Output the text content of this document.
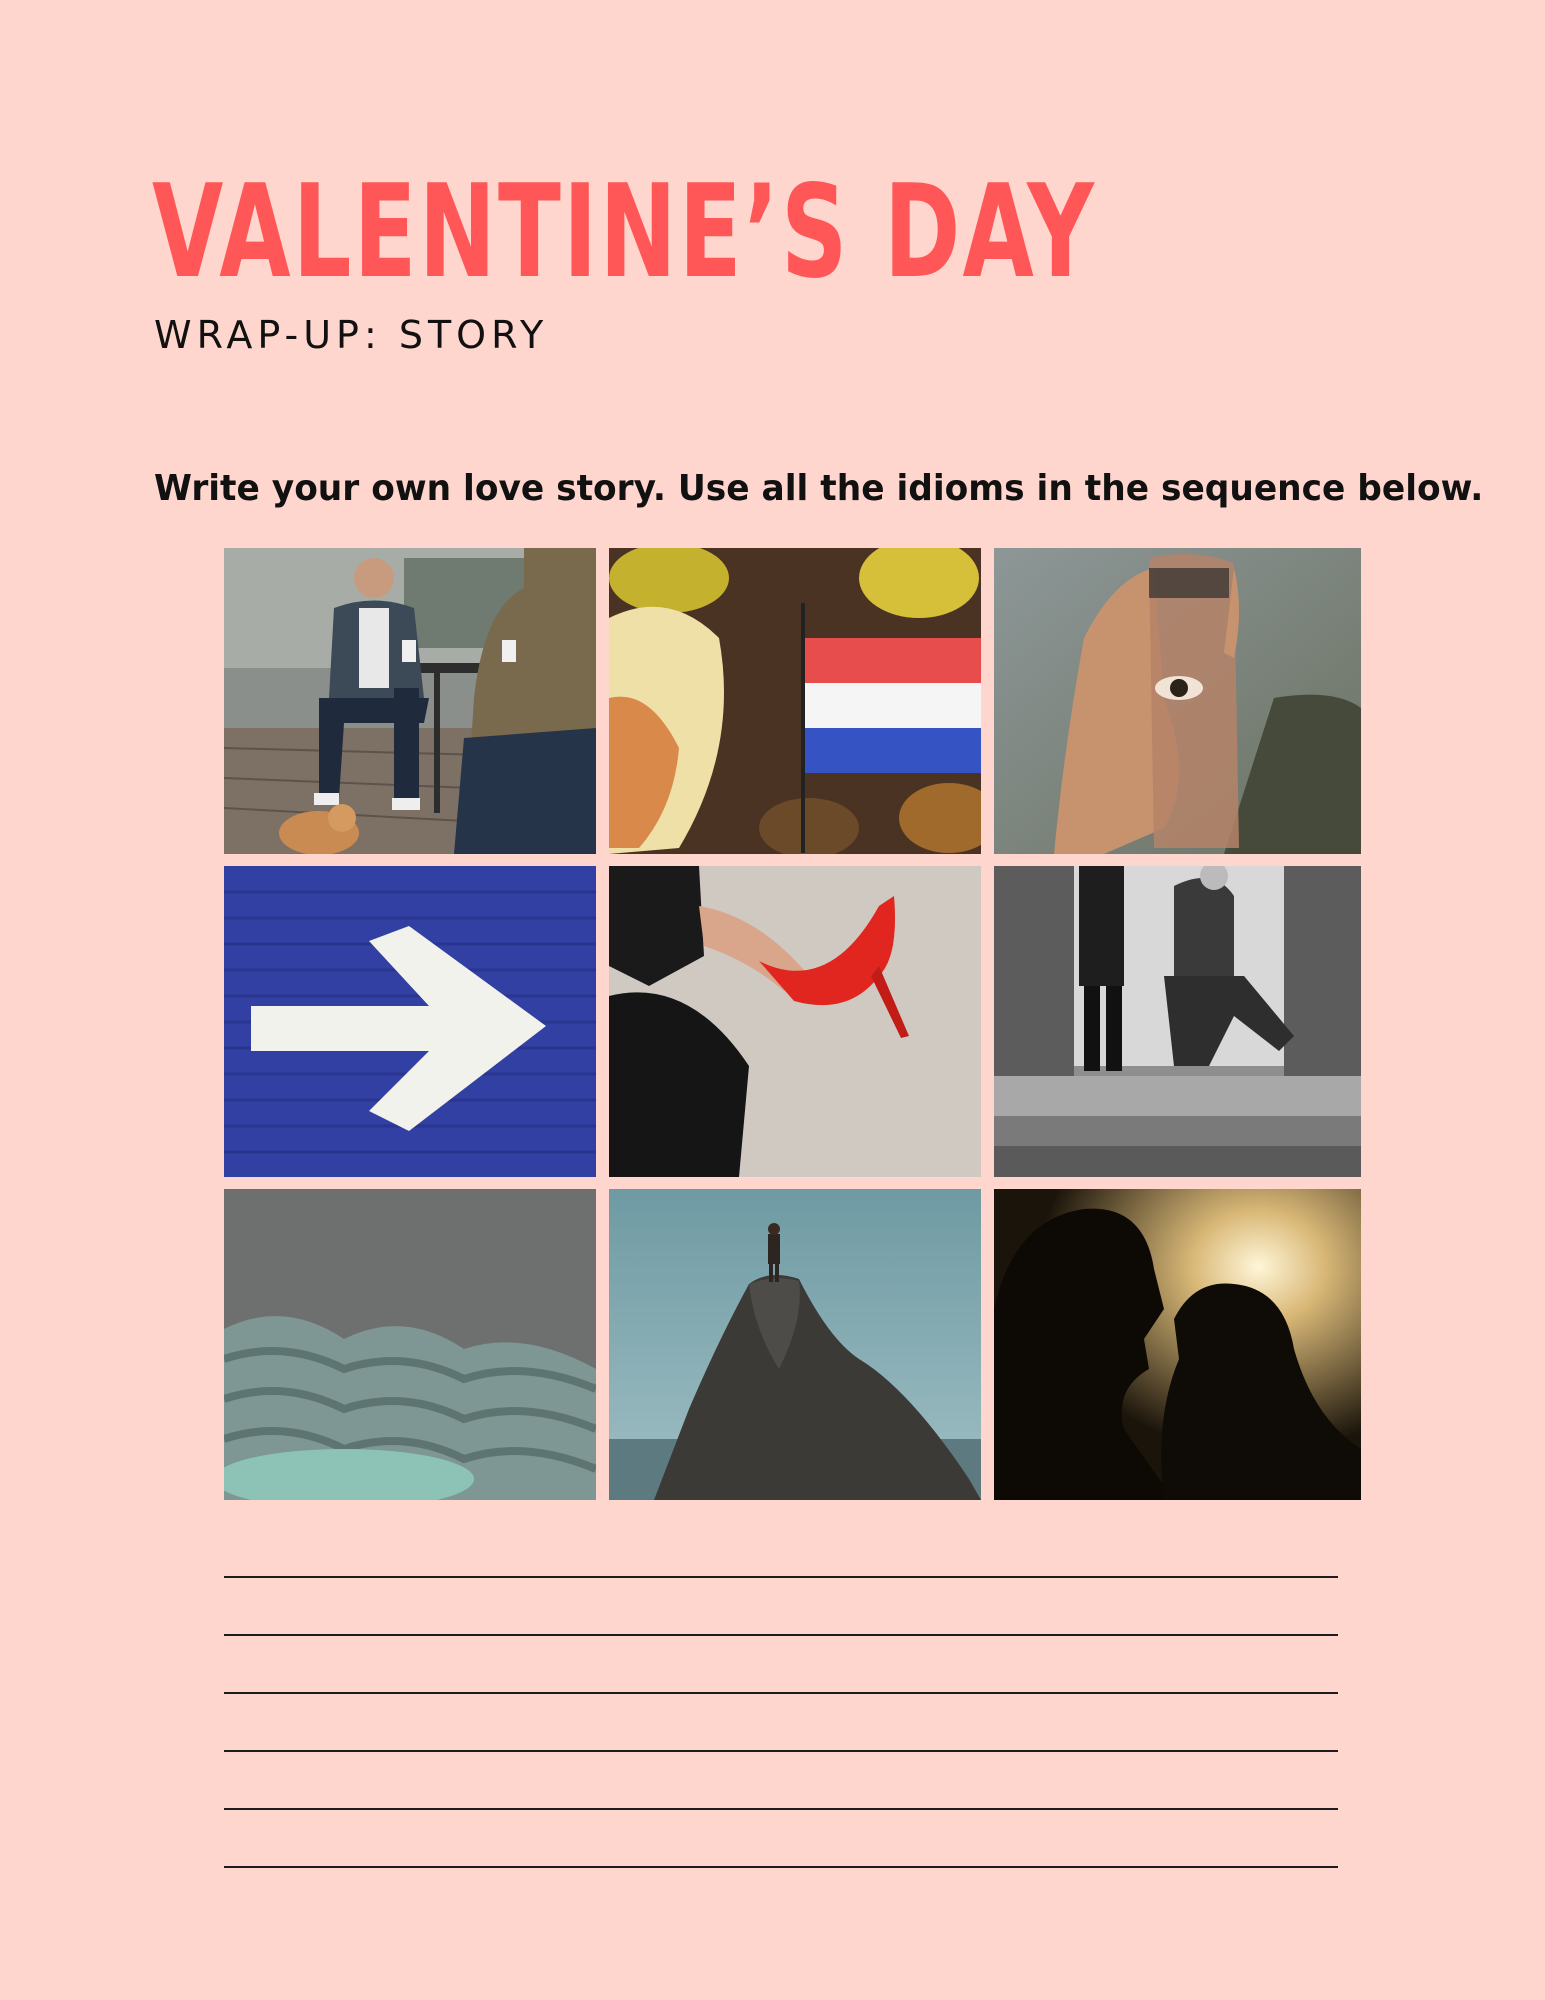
VALENTINE’S DAY
WRAP-UP: STORY
Write your own love story. Use all the idioms in the sequence below.
